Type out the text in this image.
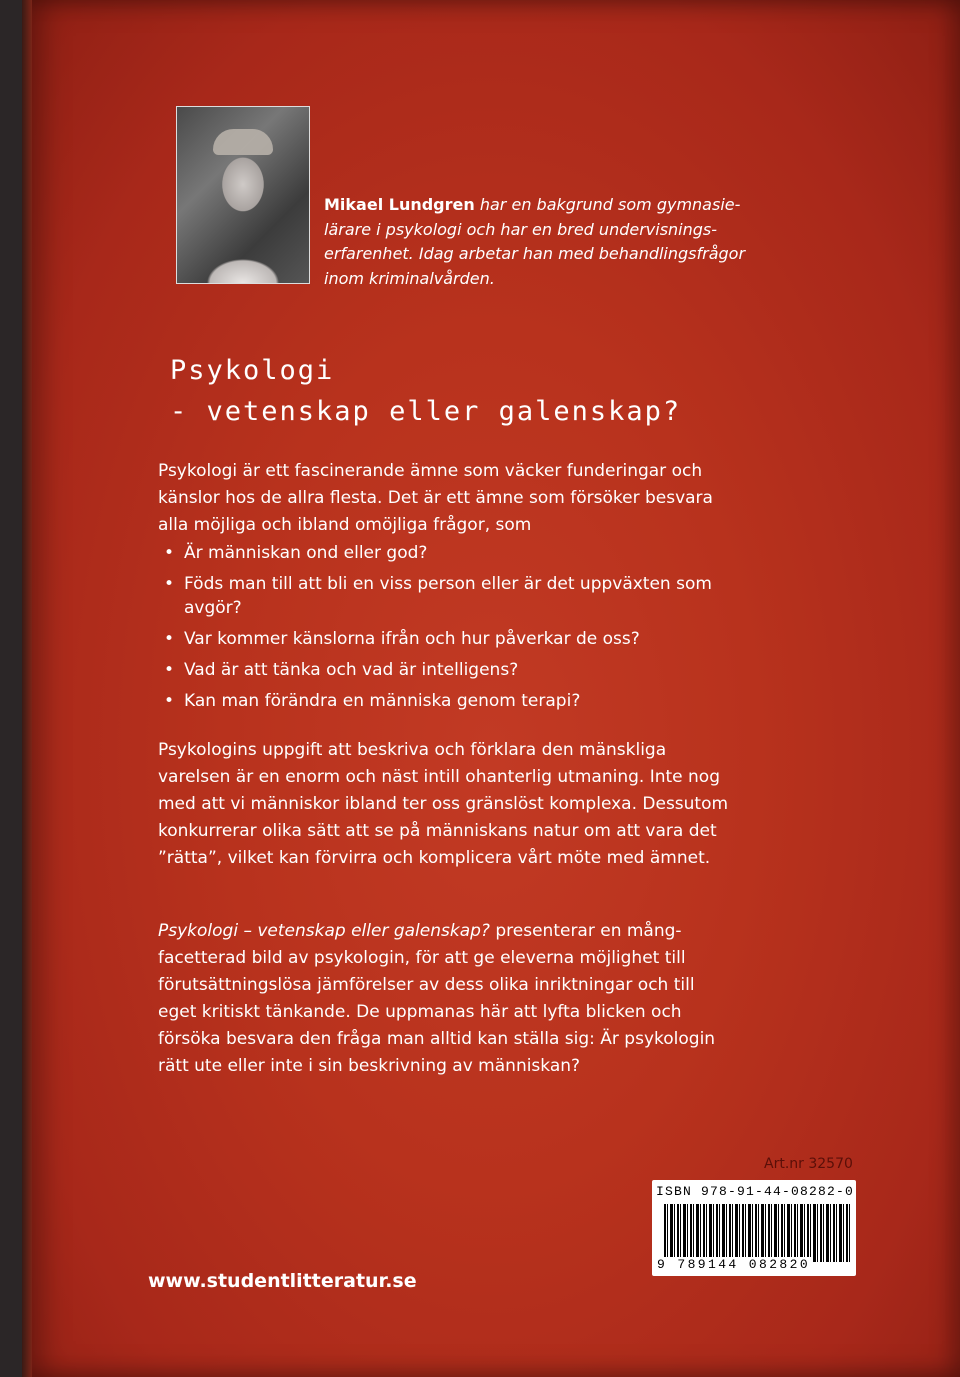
Mikael Lundgren har en bakgrund som gymnasie-
lärare i psykologi och har en bred undervisnings-
erfarenhet. Idag arbetar han med behandlingsfrågor
inom kriminalvården.
Psykologi
- vetenskap eller galenskap?
Psykologi är ett fascinerande ämne som väcker funderingar och känslor hos de allra flesta. Det är ett ämne som försöker besvara alla möjliga och ibland omöjliga frågor, som
• Är människan ond eller god?
• Föds man till att bli en viss person eller är det uppväxten som avgör?
• Var kommer känslorna ifrån och hur påverkar de oss?
• Vad är att tänka och vad är intelligens?
• Kan man förändra en människa genom terapi?
Psykologins uppgift att beskriva och förklara den mänskliga varelsen är en enorm och näst intill ohanterlig utmaning. Inte nog med att vi människor ibland ter oss gränslöst komplexa. Dessutom konkurrerar olika sätt att se på människans natur om att vara det ”rätta”, vilket kan förvirra och komplicera vårt möte med ämnet.
Psykologi – vetenskap eller galenskap? presenterar en mång-facetterad bild av psykologin, för att ge eleverna möjlighet till förutsättningslösa jämförelser av dess olika inriktningar och till eget kritiskt tänkande. De uppmanas här att lyfta blicken och försöka besvara den fråga man alltid kan ställa sig: Är psykologin rätt ute eller inte i sin beskrivning av människan?
Art.nr 32570
ISBN 978-91-44-08282-0
9 789144 082820
www.studentlitteratur.se
